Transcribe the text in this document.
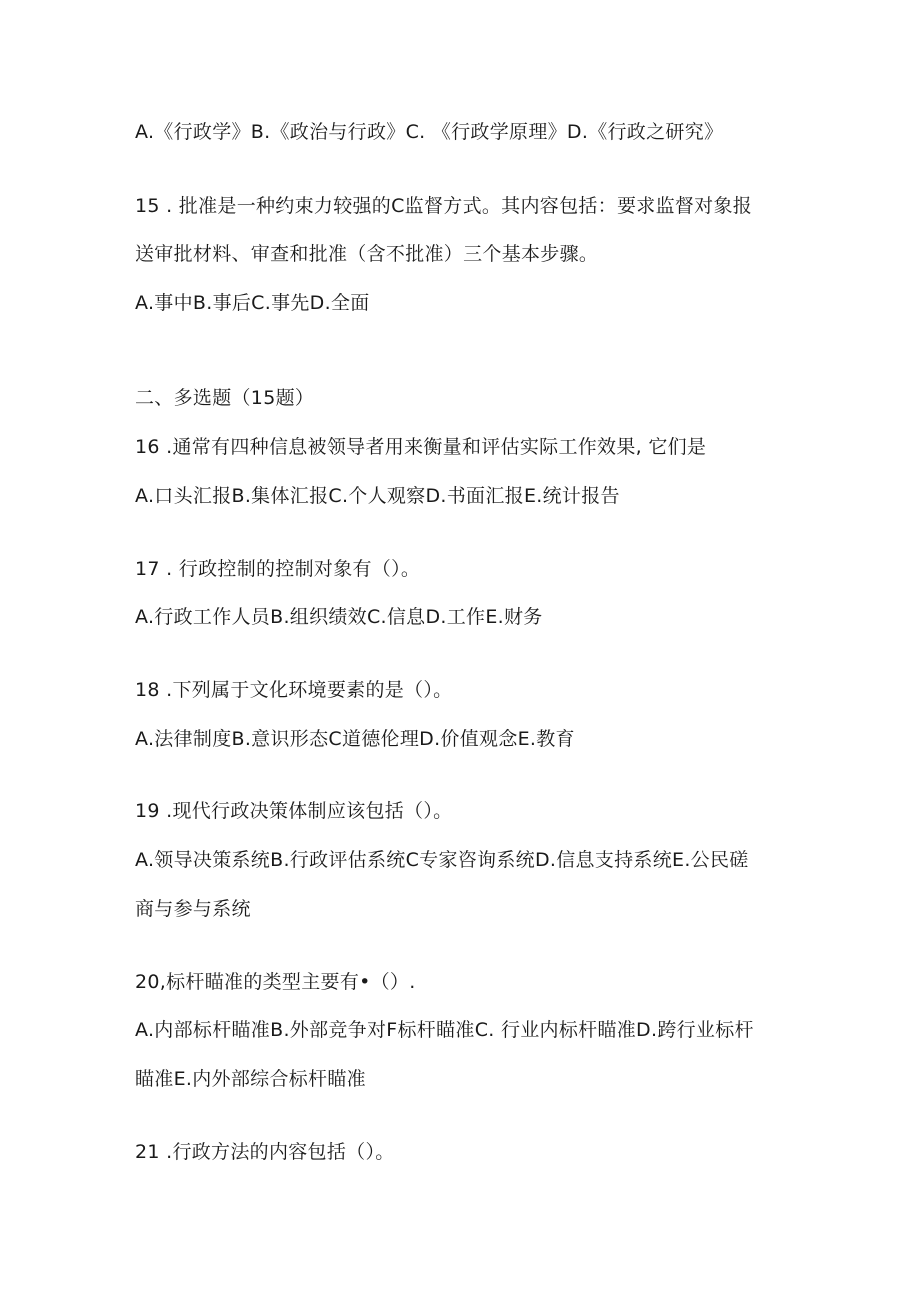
A.《行政学》B.《政治与行政》C. 《行政学原理》D.《行政之研究》
15 . 批准是一种约束力较强的C监督方式。其内容包括：要求监督对象报
送审批材料、审查和批准（含不批准）三个基本步骤。
A.事中B.事后C.事先D.全面
二、多选题（15题）
16 .通常有四种信息被领导者用来衡量和评估实际工作效果, 它们是
A.口头汇报B.集体汇报C.个人观察D.书面汇报E.统计报告
17 . 行政控制的控制对象有（）。
A.行政工作人员B.组织绩效C.信息D.工作E.财务
18 .下列属于文化环境要素的是（）。
A.法律制度B.意识形态C道德伦理D.价值观念E.教育
19 .现代行政决策体制应该包括（）。
A.领导决策系统B.行政评估系统C专家咨询系统D.信息支持系统E.公民磋
商与参与系统
20,标杆瞄准的类型主要有•（）.
A.内部标杆瞄准B.外部竞争对F标杆瞄准C. 行业内标杆瞄准D.跨行业标杆
瞄准E.内外部综合标杆瞄准
21 .行政方法的内容包括（）。
